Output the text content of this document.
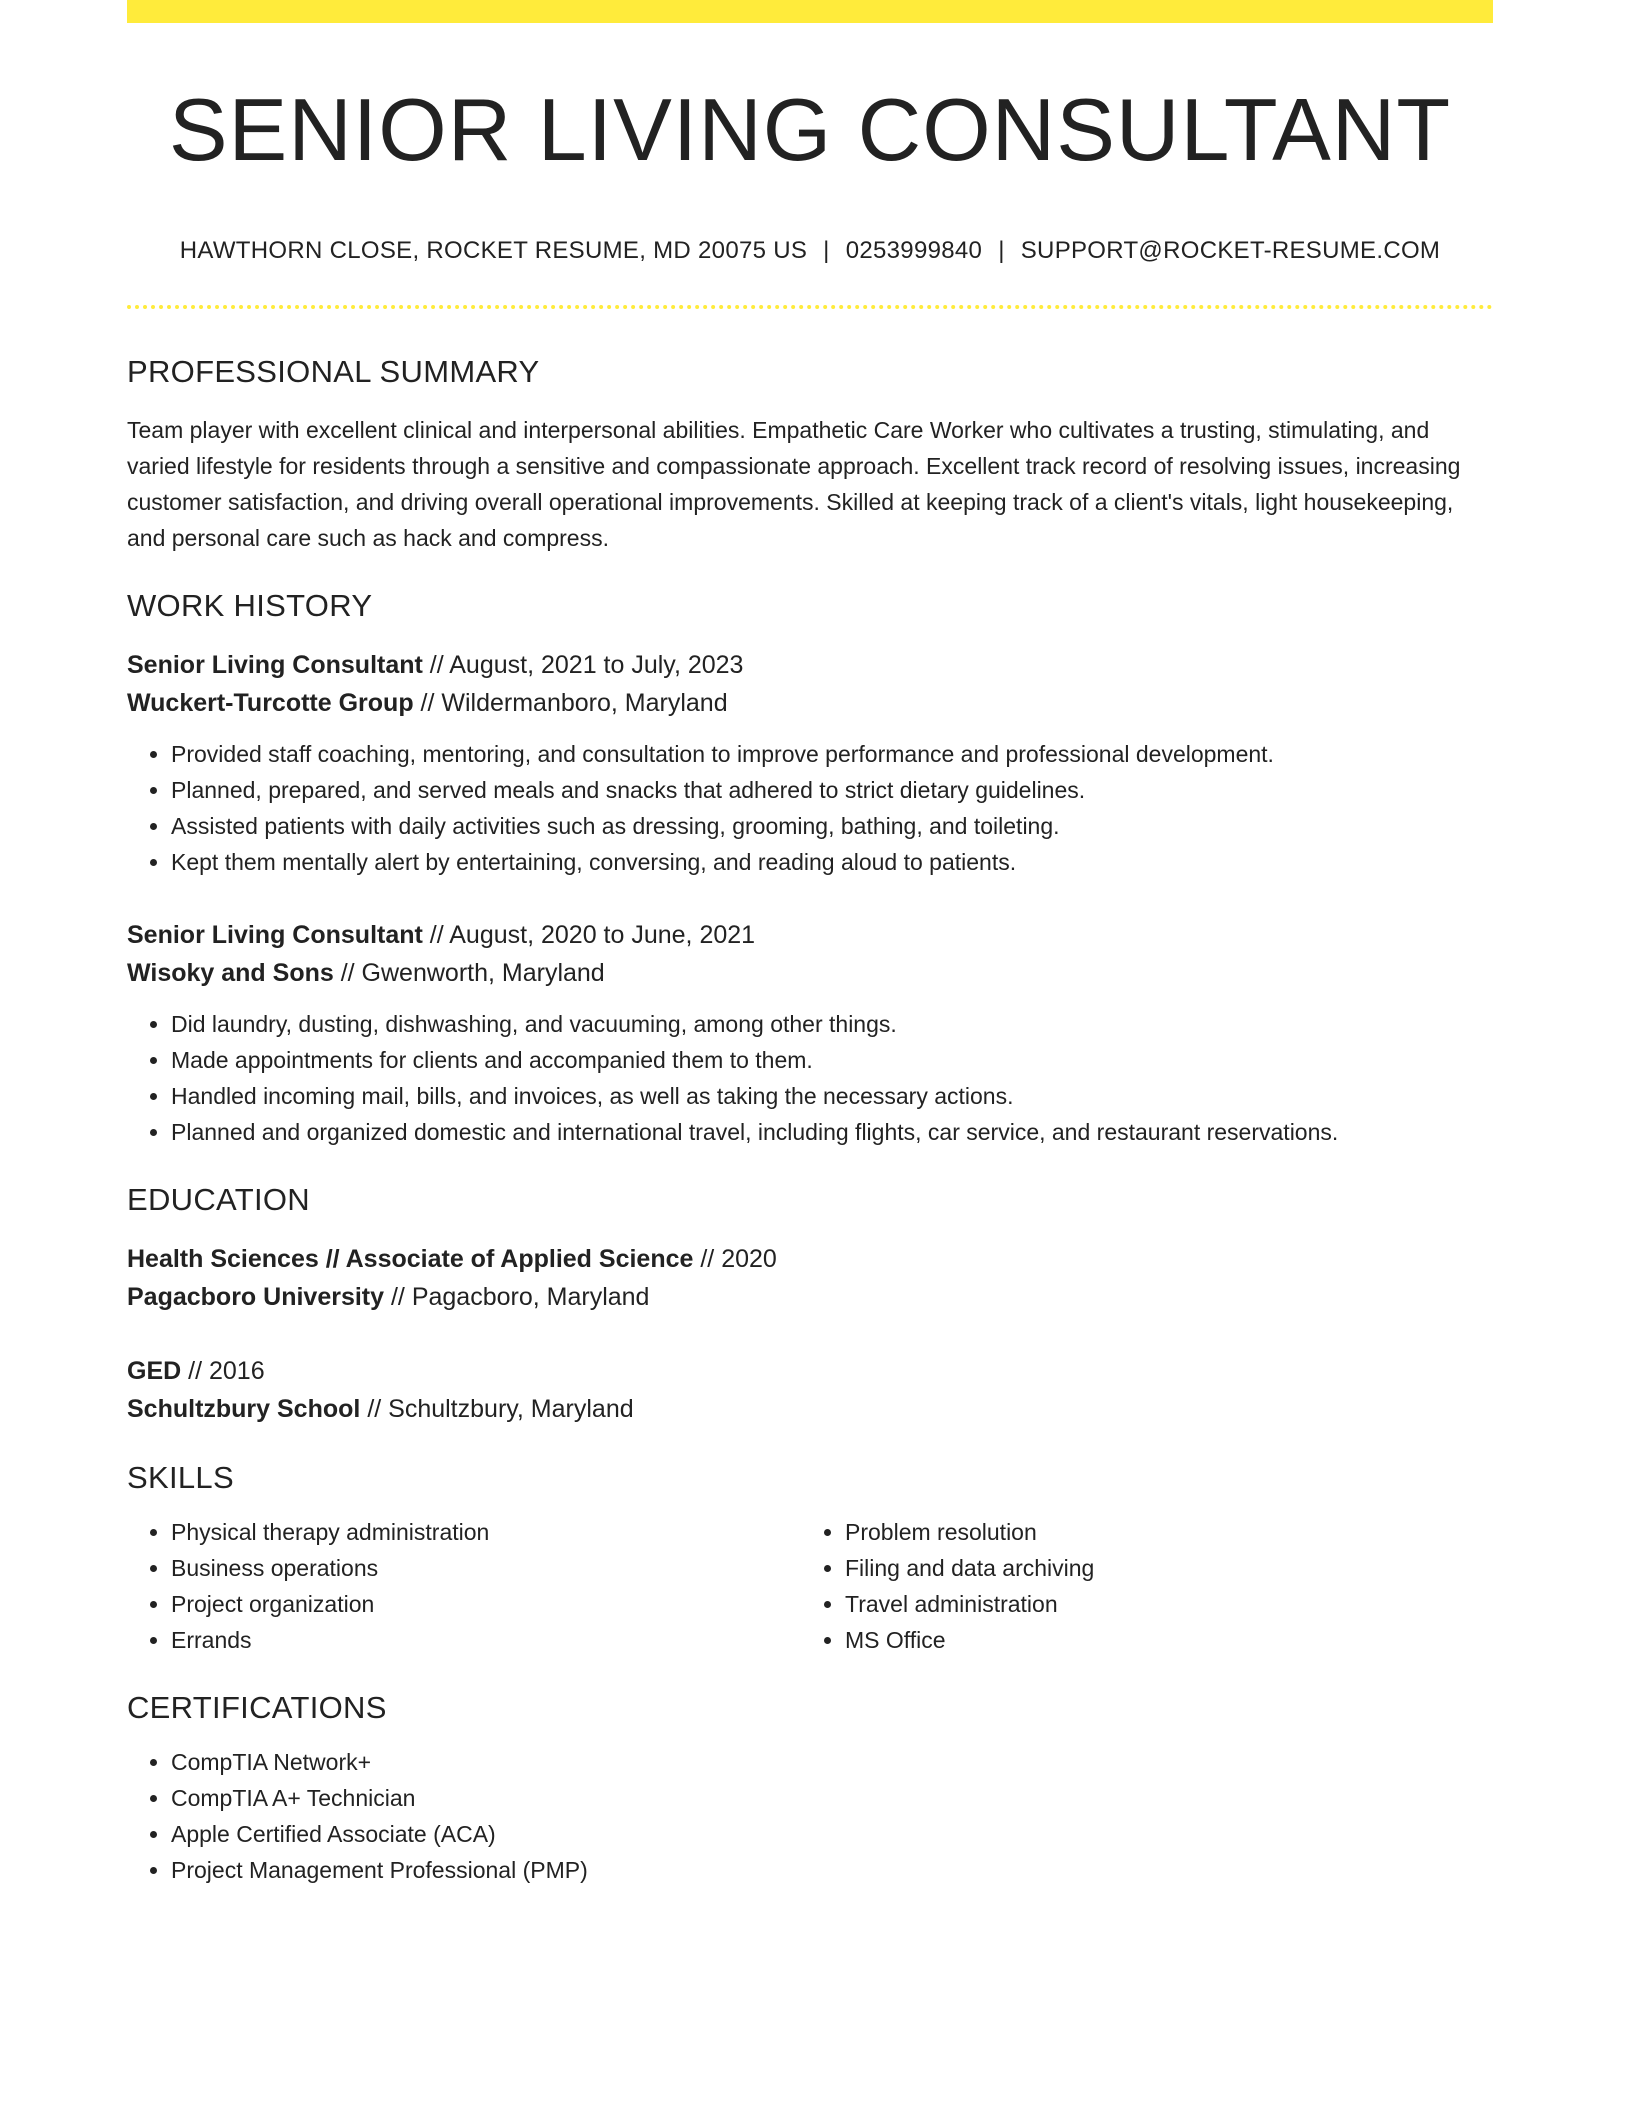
SENIOR LIVING CONSULTANT
HAWTHORN CLOSE, ROCKET RESUME, MD 20075 US | 0253999840 | SUPPORT@ROCKET-RESUME.COM
PROFESSIONAL SUMMARY

Team player with excellent clinical and interpersonal abilities. Empathetic Care Worker who cultivates a trusting, stimulating, and varied lifestyle for residents through a sensitive and compassionate approach. Excellent track record of resolving issues, increasing customer satisfaction, and driving overall operational improvements. Skilled at keeping track of a client's vitals, light housekeeping, and personal care such as hack and compress.

WORK HISTORY

Senior Living Consultant // August, 2021 to July, 2023

Wuckert-Turcotte Group // Wildermanboro, Maryland

• Provided staff coaching, mentoring, and consultation to improve performance and professional development.
• Planned, prepared, and served meals and snacks that adhered to strict dietary guidelines.
• Assisted patients with daily activities such as dressing, grooming, bathing, and toileting.
• Kept them mentally alert by entertaining, conversing, and reading aloud to patients.

Senior Living Consultant // August, 2020 to June, 2021

Wisoky and Sons // Gwenworth, Maryland

• Did laundry, dusting, dishwashing, and vacuuming, among other things.
• Made appointments for clients and accompanied them to them.
• Handled incoming mail, bills, and invoices, as well as taking the necessary actions.
• Planned and organized domestic and international travel, including flights, car service, and restaurant reservations.
EDUCATION

Health Sciences // Associate of Applied Science // 2020

Pagacboro University // Pagacboro, Maryland

GED // 2016

Schultzbury School // Schultzbury, Maryland

SKILLS
• Physical therapy administration
• Business operations
• Project organization
• Errands
• Problem resolution
• Filing and data archiving
• Travel administration
• MS Office
CERTIFICATIONS
• CompTIA Network+
• CompTIA A+ Technician
• Apple Certified Associate (ACA)
• Project Management Professional (PMP)
